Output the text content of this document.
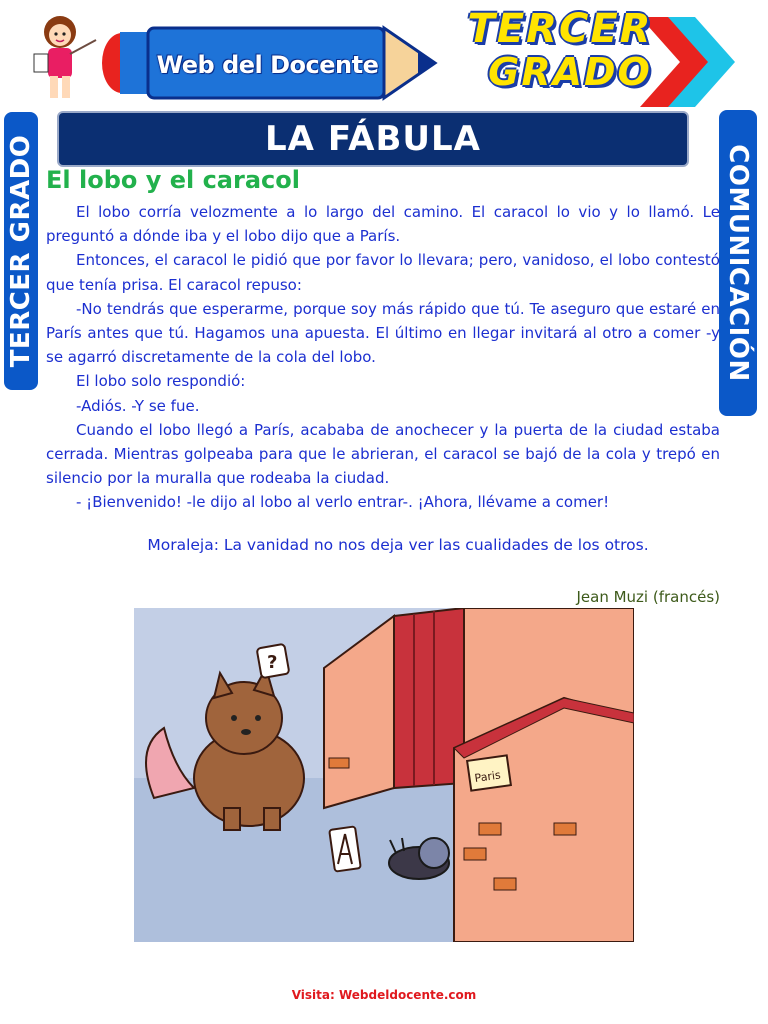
Web del Docente
TERCER
GRADO
LA FÁBULA
TERCER GRADO	COMUNICACIÓN
El lobo y el caracol

El lobo corría velozmente a lo largo del camino. El caracol lo vio y lo llamó. Le preguntó a dónde iba y el lobo dijo que a París.

Entonces, el caracol le pidió que por favor lo llevara; pero, vanidoso, el lobo contestó que tenía prisa. El caracol repuso:

-No tendrás que esperarme, porque soy más rápido que tú. Te aseguro que estaré en París antes que tú. Hagamos una apuesta. El último en llegar invitará al otro a comer -y se agarró discretamente de la cola del lobo.

El lobo solo respondió:

-Adiós. -Y se fue.

Cuando el lobo llegó a París, acababa de anochecer y la puerta de la ciudad estaba cerrada. Mientras golpeaba para que le abrieran, el caracol se bajó de la cola y trepó en silencio por la muralla que rodeaba la ciudad.

- ¡Bienvenido! -le dijo al lobo al verlo entrar-. ¡Ahora, llévame a comer!

Moraleja: La vanidad no nos deja ver las cualidades de los otros.
Jean Muzi (francés)
Paris
?
Visita: Webdeldocente.com
